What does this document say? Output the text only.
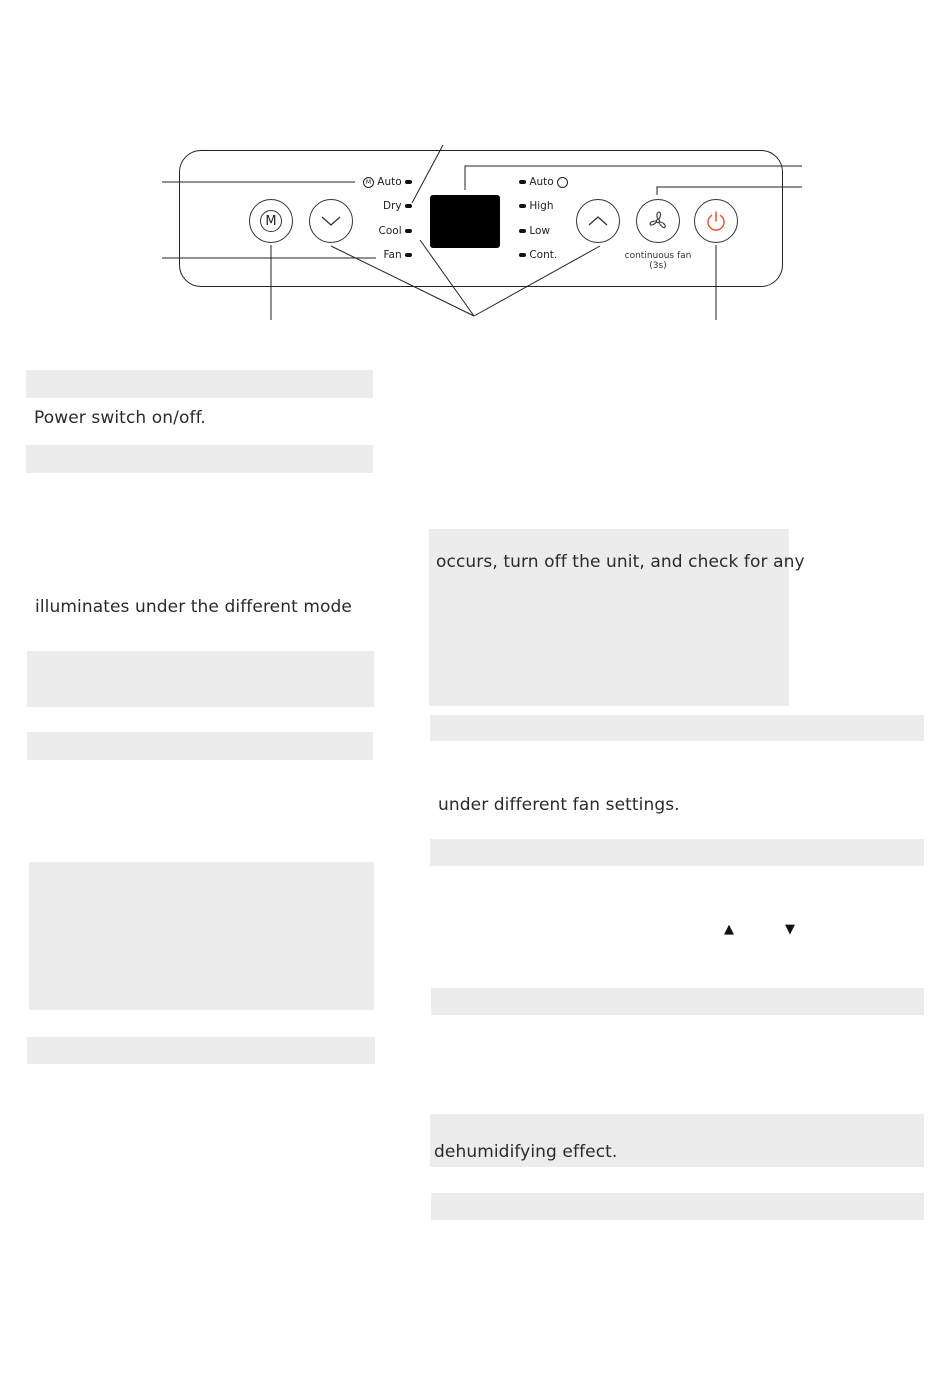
M Auto
Dry
Cool
Fan
Auto
High
Low
Cont.
M
continuous fan
(3s)
Power switch on/off.
illuminates under the different mode
occurs, turn off the unit, and check for any
under different fan settings.
▲	▼
dehumidifying effect.
